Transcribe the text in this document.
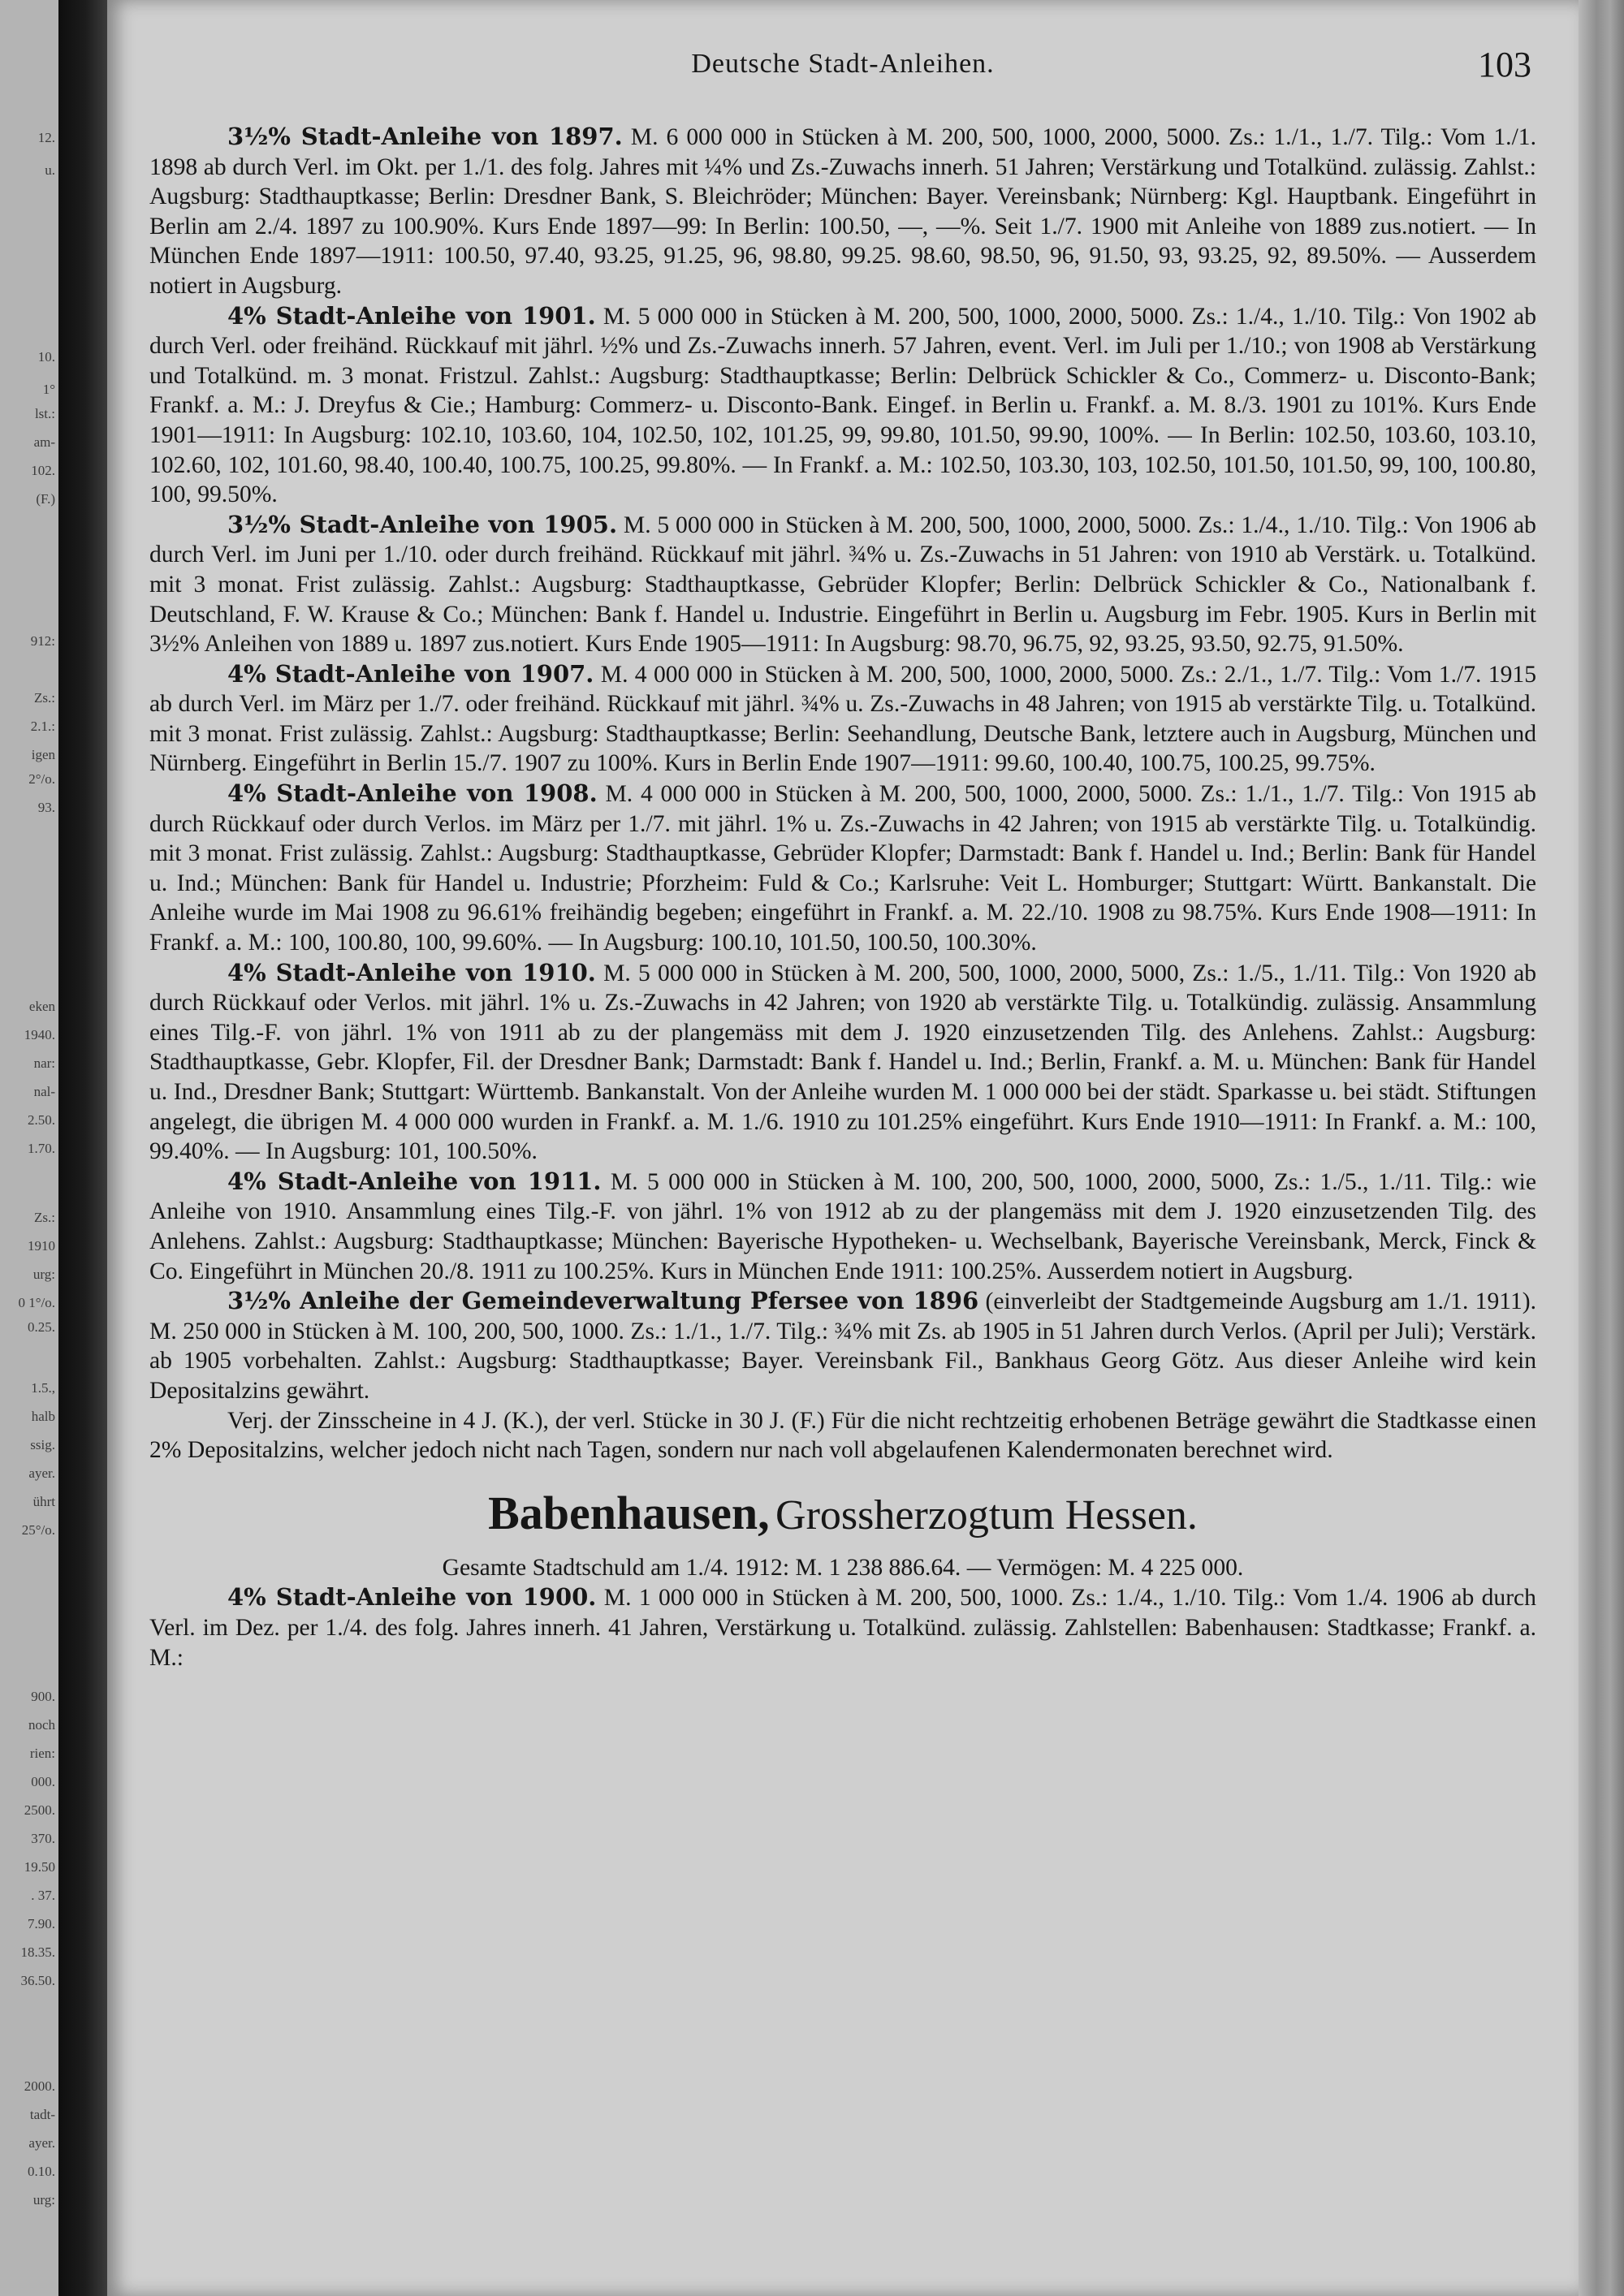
12.
u.
10.
1°
lst.:
am-
102.
(F.)
912:
Zs.:
2.1.:
igen
2°/o.
93.
eken
1940.
nar:
nal-
2.50.
1.70.
Zs.:
1910
urg:
0 1°/o.
0.25.
1.5.,
halb
ssig.
ayer.
ührt
25°/o.
900.
noch
rien:
000.
2500.
370.
19.50
. 37.
7.90.
18.35.
36.50.
2000.
tadt-
ayer.
0.10.
urg:
Deutsche Stadt-Anleihen.	103

3½% Stadt-Anleihe von 1897. M. 6 000 000 in Stücken à M. 200, 500, 1000, 2000, 5000. Zs.: 1./1., 1./7. Tilg.: Vom 1./1. 1898 ab durch Verl. im Okt. per 1./1. des folg. Jahres mit ¼% und Zs.-Zuwachs innerh. 51 Jahren; Verstärkung und Totalkünd. zulässig. Zahlst.: Augsburg: Stadthauptkasse; Berlin: Dresdner Bank, S. Bleichröder; München: Bayer. Vereinsbank; Nürnberg: Kgl. Hauptbank. Eingeführt in Berlin am 2./4. 1897 zu 100.90%. Kurs Ende 1897—99: In Berlin: 100.50, —, —%. Seit 1./7. 1900 mit Anleihe von 1889 zus.notiert. — In München Ende 1897—1911: 100.50, 97.40, 93.25, 91.25, 96, 98.80, 99.25. 98.60, 98.50, 96, 91.50, 93, 93.25, 92, 89.50%. — Ausserdem notiert in Augsburg.

4% Stadt-Anleihe von 1901. M. 5 000 000 in Stücken à M. 200, 500, 1000, 2000, 5000. Zs.: 1./4., 1./10. Tilg.: Von 1902 ab durch Verl. oder freihänd. Rückkauf mit jährl. ½% und Zs.-Zuwachs innerh. 57 Jahren, event. Verl. im Juli per 1./10.; von 1908 ab Verstärkung und Totalkünd. m. 3 monat. Fristzul. Zahlst.: Augsburg: Stadthauptkasse; Berlin: Delbrück Schickler & Co., Commerz- u. Disconto-Bank; Frankf. a. M.: J. Dreyfus & Cie.; Hamburg: Commerz- u. Disconto-Bank. Eingef. in Berlin u. Frankf. a. M. 8./3. 1901 zu 101%. Kurs Ende 1901—1911: In Augsburg: 102.10, 103.60, 104, 102.50, 102, 101.25, 99, 99.80, 101.50, 99.90, 100%. — In Berlin: 102.50, 103.60, 103.10, 102.60, 102, 101.60, 98.40, 100.40, 100.75, 100.25, 99.80%. — In Frankf. a. M.: 102.50, 103.30, 103, 102.50, 101.50, 101.50, 99, 100, 100.80, 100, 99.50%.

3½% Stadt-Anleihe von 1905. M. 5 000 000 in Stücken à M. 200, 500, 1000, 2000, 5000. Zs.: 1./4., 1./10. Tilg.: Von 1906 ab durch Verl. im Juni per 1./10. oder durch freihänd. Rückkauf mit jährl. ¾% u. Zs.-Zuwachs in 51 Jahren: von 1910 ab Verstärk. u. Totalkünd. mit 3 monat. Frist zulässig. Zahlst.: Augsburg: Stadthauptkasse, Gebrüder Klopfer; Berlin: Delbrück Schickler & Co., Nationalbank f. Deutschland, F. W. Krause & Co.; München: Bank f. Handel u. Industrie. Eingeführt in Berlin u. Augsburg im Febr. 1905. Kurs in Berlin mit 3½% Anleihen von 1889 u. 1897 zus.notiert. Kurs Ende 1905—1911: In Augsburg: 98.70, 96.75, 92, 93.25, 93.50, 92.75, 91.50%.

4% Stadt-Anleihe von 1907. M. 4 000 000 in Stücken à M. 200, 500, 1000, 2000, 5000. Zs.: 2./1., 1./7. Tilg.: Vom 1./7. 1915 ab durch Verl. im März per 1./7. oder freihänd. Rückkauf mit jährl. ¾% u. Zs.-Zuwachs in 48 Jahren; von 1915 ab verstärkte Tilg. u. Totalkünd. mit 3 monat. Frist zulässig. Zahlst.: Augsburg: Stadthauptkasse; Berlin: Seehandlung, Deutsche Bank, letztere auch in Augsburg, München und Nürnberg. Eingeführt in Berlin 15./7. 1907 zu 100%. Kurs in Berlin Ende 1907—1911: 99.60, 100.40, 100.75, 100.25, 99.75%.

4% Stadt-Anleihe von 1908. M. 4 000 000 in Stücken à M. 200, 500, 1000, 2000, 5000. Zs.: 1./1., 1./7. Tilg.: Von 1915 ab durch Rückkauf oder durch Verlos. im März per 1./7. mit jährl. 1% u. Zs.-Zuwachs in 42 Jahren; von 1915 ab verstärkte Tilg. u. Totalkündig. mit 3 monat. Frist zulässig. Zahlst.: Augsburg: Stadthauptkasse, Gebrüder Klopfer; Darmstadt: Bank f. Handel u. Ind.; Berlin: Bank für Handel u. Ind.; München: Bank für Handel u. Industrie; Pforzheim: Fuld & Co.; Karlsruhe: Veit L. Homburger; Stuttgart: Württ. Bankanstalt. Die Anleihe wurde im Mai 1908 zu 96.61% freihändig begeben; eingeführt in Frankf. a. M. 22./10. 1908 zu 98.75%. Kurs Ende 1908—1911: In Frankf. a. M.: 100, 100.80, 100, 99.60%. — In Augsburg: 100.10, 101.50, 100.50, 100.30%.

4% Stadt-Anleihe von 1910. M. 5 000 000 in Stücken à M. 200, 500, 1000, 2000, 5000, Zs.: 1./5., 1./11. Tilg.: Von 1920 ab durch Rückkauf oder Verlos. mit jährl. 1% u. Zs.-Zuwachs in 42 Jahren; von 1920 ab verstärkte Tilg. u. Totalkündig. zulässig. Ansammlung eines Tilg.-F. von jährl. 1% von 1911 ab zu der plangemäss mit dem J. 1920 einzusetzenden Tilg. des Anlehens. Zahlst.: Augsburg: Stadthauptkasse, Gebr. Klopfer, Fil. der Dresdner Bank; Darmstadt: Bank f. Handel u. Ind.; Berlin, Frankf. a. M. u. München: Bank für Handel u. Ind., Dresdner Bank; Stuttgart: Württemb. Bankanstalt. Von der Anleihe wurden M. 1 000 000 bei der städt. Sparkasse u. bei städt. Stiftungen angelegt, die übrigen M. 4 000 000 wurden in Frankf. a. M. 1./6. 1910 zu 101.25% eingeführt. Kurs Ende 1910—1911: In Frankf. a. M.: 100, 99.40%. — In Augsburg: 101, 100.50%.

4% Stadt-Anleihe von 1911. M. 5 000 000 in Stücken à M. 100, 200, 500, 1000, 2000, 5000, Zs.: 1./5., 1./11. Tilg.: wie Anleihe von 1910. Ansammlung eines Tilg.-F. von jährl. 1% von 1912 ab zu der plangemäss mit dem J. 1920 einzusetzenden Tilg. des Anlehens. Zahlst.: Augsburg: Stadthauptkasse; München: Bayerische Hypotheken- u. Wechselbank, Bayerische Vereinsbank, Merck, Finck & Co. Eingeführt in München 20./8. 1911 zu 100.25%. Kurs in München Ende 1911: 100.25%. Ausserdem notiert in Augsburg.

3½% Anleihe der Gemeindeverwaltung Pfersee von 1896 (einverleibt der Stadtgemeinde Augsburg am 1./1. 1911). M. 250 000 in Stücken à M. 100, 200, 500, 1000. Zs.: 1./1., 1./7. Tilg.: ¾% mit Zs. ab 1905 in 51 Jahren durch Verlos. (April per Juli); Verstärk. ab 1905 vorbehalten. Zahlst.: Augsburg: Stadthauptkasse; Bayer. Vereinsbank Fil., Bankhaus Georg Götz. Aus dieser Anleihe wird kein Depositalzins gewährt.

Verj. der Zinsscheine in 4 J. (K.), der verl. Stücke in 30 J. (F.) Für die nicht rechtzeitig erhobenen Beträge gewährt die Stadtkasse einen 2% Depositalzins, welcher jedoch nicht nach Tagen, sondern nur nach voll abgelaufenen Kalendermonaten berechnet wird.

Babenhausen, Grossherzogtum Hessen.

Gesamte Stadtschuld am 1./4. 1912: M. 1 238 886.64. — Vermögen: M. 4 225 000.

4% Stadt-Anleihe von 1900. M. 1 000 000 in Stücken à M. 200, 500, 1000. Zs.: 1./4., 1./10. Tilg.: Vom 1./4. 1906 ab durch Verl. im Dez. per 1./4. des folg. Jahres innerh. 41 Jahren, Verstärkung u. Totalkünd. zulässig. Zahlstellen: Babenhausen: Stadtkasse; Frankf. a. M.:
